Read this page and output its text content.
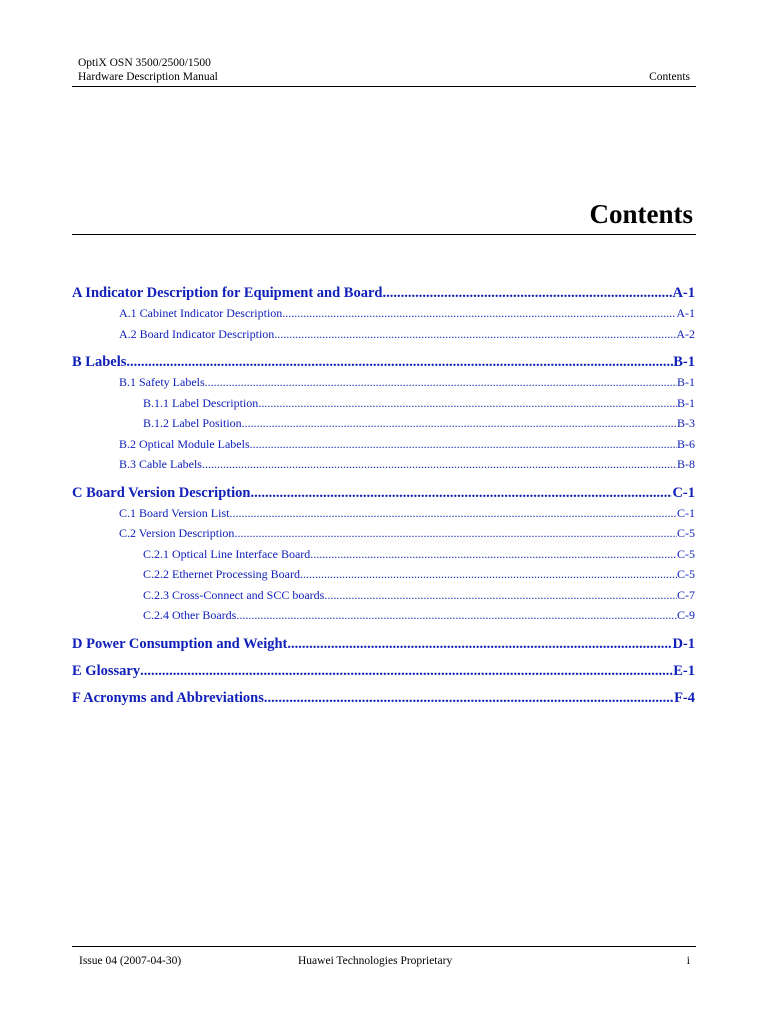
OptiX OSN 3500/2500/1500
Hardware Description Manual	Contents
Contents
A Indicator Description for Equipment and Board .....	A-1
A.1 Cabinet Indicator Description .....	A-1
A.2 Board Indicator Description .....	A-2
B Labels .....	B-1
B.1 Safety Labels .....	B-1
B.1.1 Label Description .....	B-1
B.1.2 Label Position .....	B-3
B.2 Optical Module Labels .....	B-6
B.3 Cable Labels .....	B-8
C Board Version Description .....	C-1
C.1 Board Version List .....	C-1
C.2 Version Description .....	C-5
C.2.1 Optical Line Interface Board .....	C-5
C.2.2 Ethernet Processing Board .....	C-5
C.2.3 Cross-Connect and SCC boards .....	C-7
C.2.4 Other Boards .....	C-9
D Power Consumption and Weight .....	D-1
E Glossary .....	E-1
F Acronyms and Abbreviations .....	F-4
Issue 04 (2007-04-30)	Huawei Technologies Proprietary	i
